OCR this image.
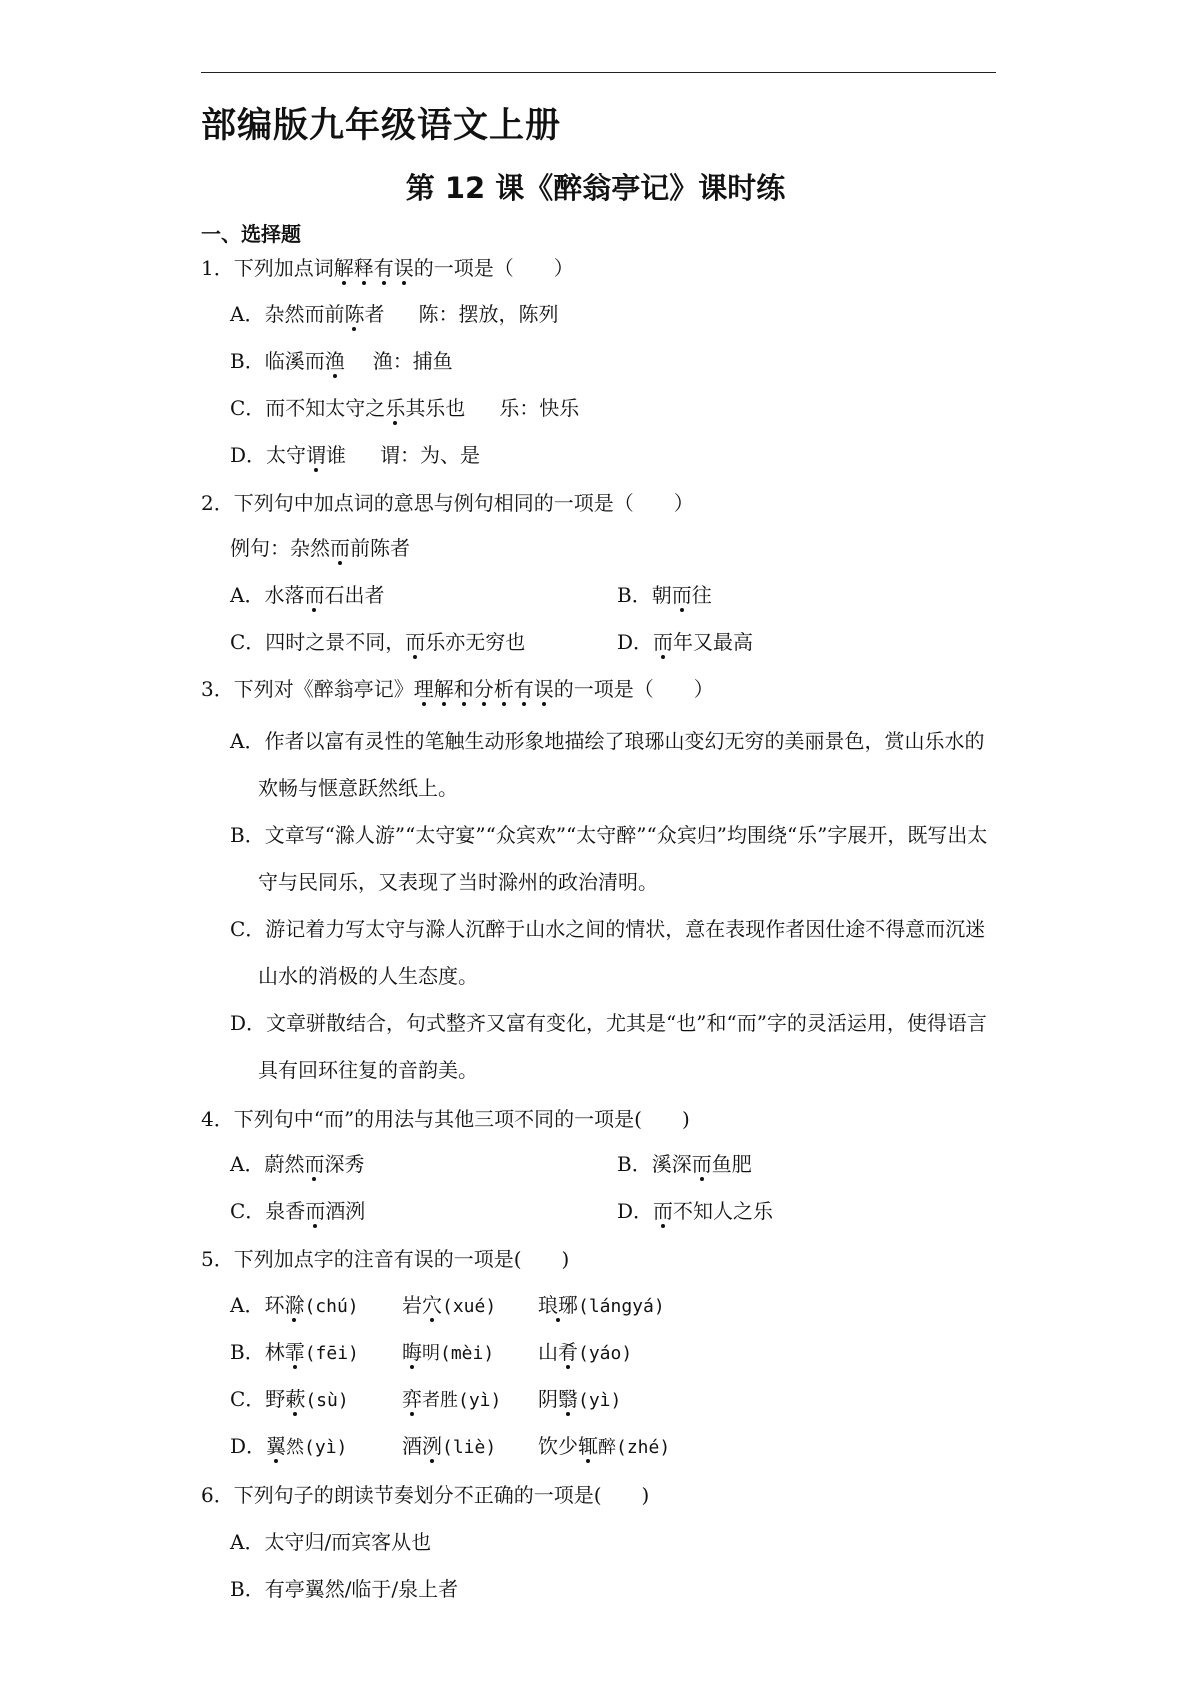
部编版九年级语文上册
第 12 课《醉翁亭记》课时练
一、选择题
1．下列加点词解释有误的一项是（　　）
A．杂然而前陈者 陈：摆放，陈列
B．临溪而渔 渔：捕鱼
C．而不知太守之乐其乐也 乐：快乐
D．太守谓谁 谓：为、是
2．下列句中加点词的意思与例句相同的一项是（　　）
例句：杂然而前陈者
A．水落而石出者	B．朝而往
C．四时之景不同，而乐亦无穷也	D．而年又最高
3．下列对《醉翁亭记》理解和分析有误的一项是（　　）
A．作者以富有灵性的笔触生动形象地描绘了琅琊山变幻无穷的美丽景色，赏山乐水的欢畅与惬意跃然纸上。
B．文章写“滁人游”“太守宴”“众宾欢”“太守醉”“众宾归”均围绕“乐”字展开，既写出太守与民同乐，又表现了当时滁州的政治清明。
C．游记着力写太守与滁人沉醉于山水之间的情状，意在表现作者因仕途不得意而沉迷山水的消极的人生态度。
D．文章骈散结合，句式整齐又富有变化，尤其是“也”和“而”字的灵活运用，使得语言具有回环往复的音韵美。
4．下列句中“而”的用法与其他三项不同的一项是(　　)
A．蔚然而深秀	B．溪深而鱼肥
C．泉香而酒洌	D．而不知人之乐
5．下列加点字的注音有误的一项是(　　)
A．环滁(chú) 岩穴(xué) 琅琊(lángyá)
B．林霏(fēi) 晦明(mèi) 山肴(yáo)
C．野蔌(sù)	弈者胜(yì) 阴翳(yì)
D．翼然(yì)	酒洌(liè) 饮少辄醉(zhé)
6．下列句子的朗读节奏划分不正确的一项是(　　)
A．太守归/而宾客从也
B．有亭翼然/临于/泉上者
